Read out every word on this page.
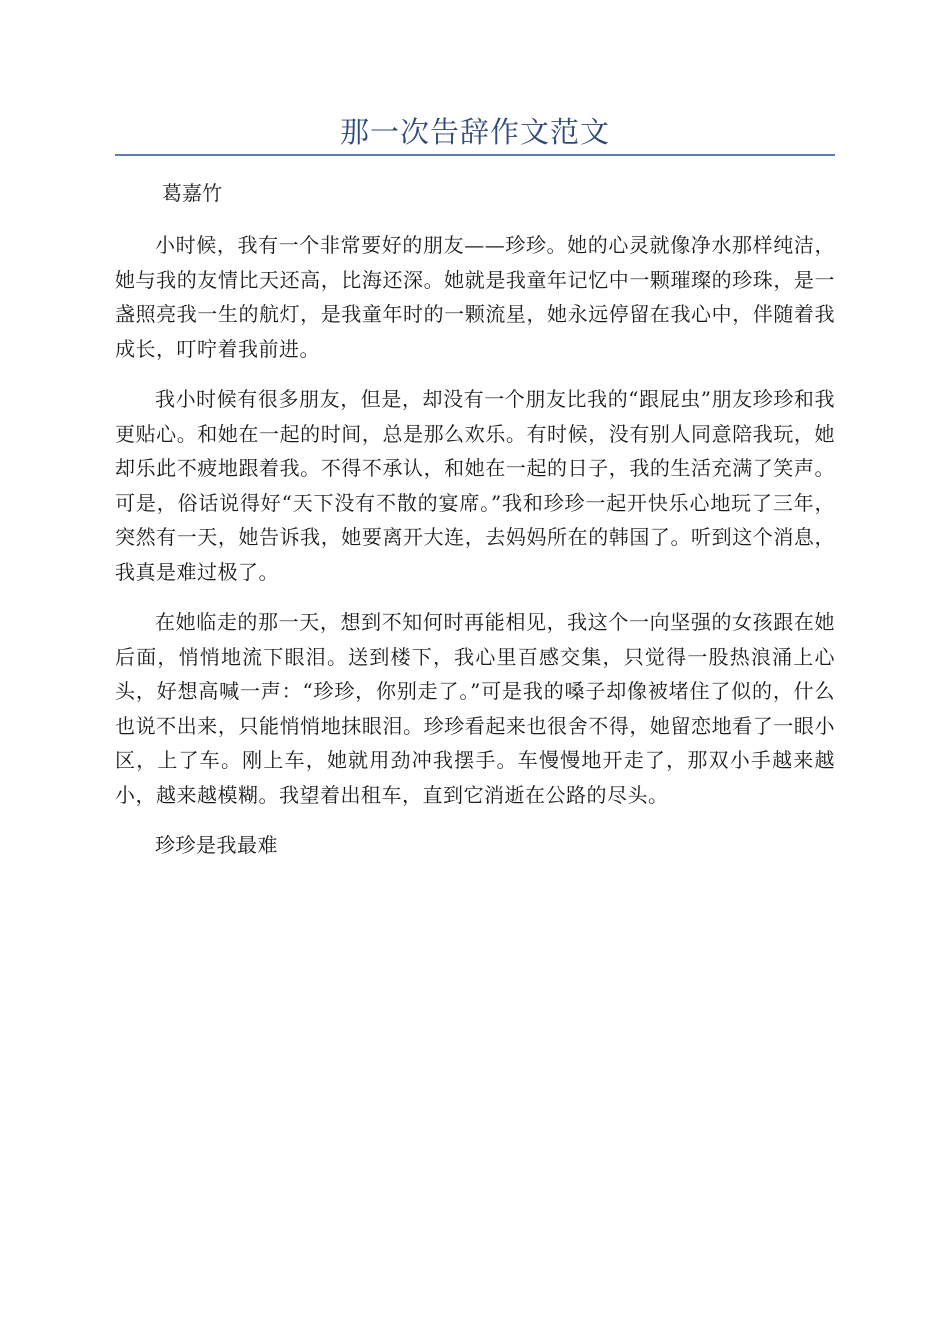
那一次告辞作文范文
葛嘉竹

小时候，我有一个非常要好的朋友——珍珍。她的心灵就像净水那样纯洁，她与我的友情比天还高，比海还深。她就是我童年记忆中一颗璀璨的珍珠，是一盏照亮我一生的航灯，是我童年时的一颗流星，她永远停留在我心中，伴随着我成长，叮咛着我前进。

我小时候有很多朋友，但是，却没有一个朋友比我的“跟屁虫”朋友珍珍和我更贴心。和她在一起的时间，总是那么欢乐。有时候，没有别人同意陪我玩，她却乐此不疲地跟着我。不得不承认，和她在一起的日子，我的生活充满了笑声。可是，俗话说得好“天下没有不散的宴席。”我和珍珍一起开快乐心地玩了三年，突然有一天，她告诉我，她要离开大连，去妈妈所在的韩国了。听到这个消息，我真是难过极了。

在她临走的那一天，想到不知何时再能相见，我这个一向坚强的女孩跟在她后面，悄悄地流下眼泪。送到楼下，我心里百感交集，只觉得一股热浪涌上心头，好想高喊一声：“珍珍，你别走了。”可是我的嗓子却像被堵住了似的，什么也说不出来，只能悄悄地抹眼泪。珍珍看起来也很舍不得，她留恋地看了一眼小区，上了车。刚上车，她就用劲冲我摆手。车慢慢地开走了，那双小手越来越小，越来越模糊。我望着出租车，直到它消逝在公路的尽头。

珍珍是我最难
